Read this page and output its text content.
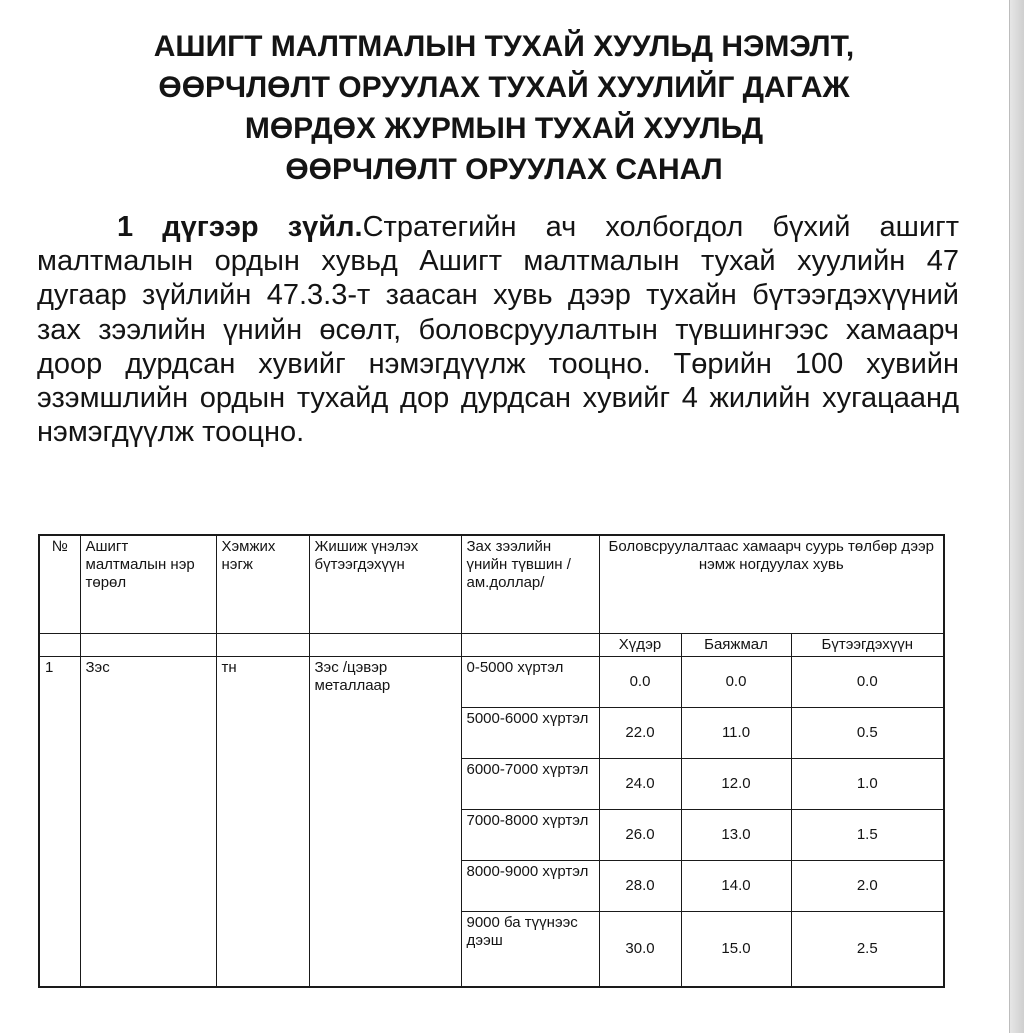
АШИГТ МАЛТМАЛЫН ТУХАЙ ХУУЛЬД НЭМЭЛТ,
ӨӨРЧЛӨЛТ ОРУУЛАХ ТУХАЙ ХУУЛИЙГ ДАГАЖ
МӨРДӨХ ЖУРМЫН ТУХАЙ ХУУЛЬД
ӨӨРЧЛӨЛТ ОРУУЛАХ САНАЛ
1 дүгээр зүйл.Стратегийн ач холбогдол бүхий ашигт малтмалын ордын хувьд Ашигт малтмалын тухай хуулийн 47 дугаар зүйлийн 47.3.3-т заасан хувь дээр тухайн бүтээгдэхүүний зах зээлийн үнийн өсөлт, боловсруулалтын түвшингээс хамаарч доор дурдсан хувийг нэмэгдүүлж тооцно. Төрийн 100 хувийн эзэмшлийн ордын тухайд дор дурдсан хувийг 4 жилийн хугацаанд нэмэгдүүлж тооцно.
№	Ашигт малтмалын нэр төрөл	Хэмжих нэгж	Жишиж үнэлэх бүтээгдэхүүн	Зах зээлийн үнийн түвшин / ам.доллар/	Боловсруулалтаас хамаарч суурь төлбөр дээр нэмж ногдуулах хувь		
					Хүдэр	Баяжмал	Бүтээгдэхүүн
1	Зэс	тн	Зэс /цэвэр металлаар	0-5000 хүртэл	0.0	0.0	0.0
				5000-6000 хүртэл	22.0	11.0	0.5
				6000-7000 хүртэл	24.0	12.0	1.0
				7000-8000 хүртэл	26.0	13.0	1.5
				8000-9000 хүртэл	28.0	14.0	2.0
				9000 ба түүнээс дээш	30.0	15.0	2.5
